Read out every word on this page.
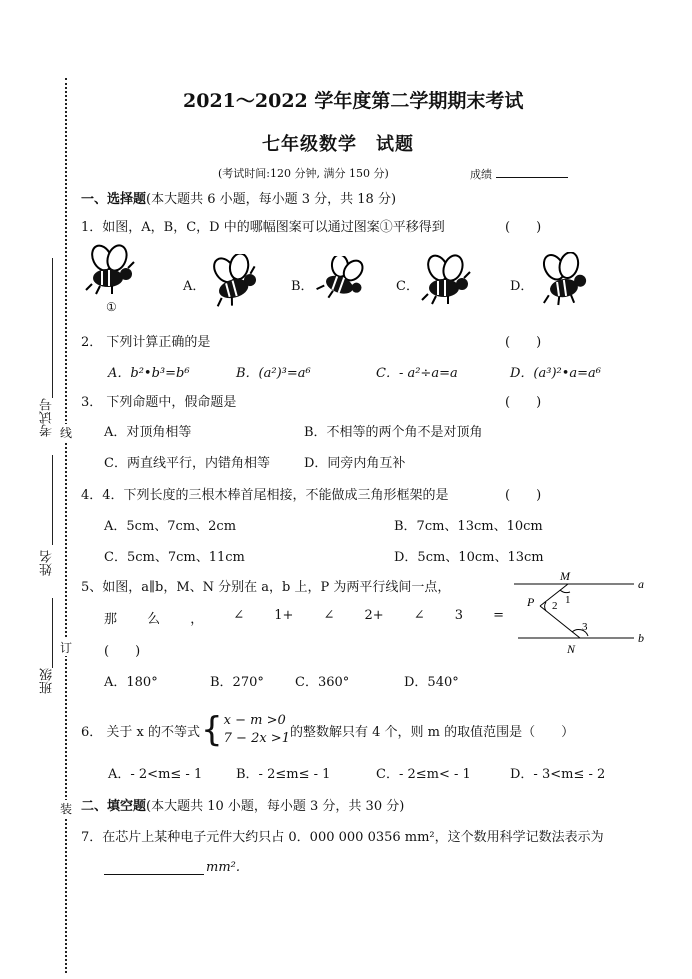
考试号
姓名
班级
线
订
装
2021～2022 学年度第二学期期末考试
七年级数学　试题
(考试时间:120 分钟, 满分 150 分)	成绩
一、选择题(本大题共 6 小题，每小题 3 分，共 18 分)
1．如图，A，B，C，D 中的哪幅图案可以通过图案①平移得到	(　　)
①
A．	B．	C．	D．
2． 下列计算正确的是	(　　)
A．b²•b³=b⁶	B．(a²)³=a⁶	C．- a²÷a=a	D．(a³)²•a=a⁶
3． 下列命题中，假命题是	(　　)
A．对顶角相等	B．不相等的两个角不是对顶角
C．两直线平行，内错角相等	D．同旁内角互补
4．4．下列长度的三根木棒首尾相接，不能做成三角形框架的是	(　　)
A．5cm、7cm、2cm	B．7cm、13cm、10cm
C．5cm、7cm、11cm	D．5cm、10cm、13cm
5、如图，a∥b，M、N 分别在 a，b 上，P 为两平行线间一点，
那 么 ， ∠ 1+ ∠ 2+ ∠ 3 =
(　　)
A．180°	B．270° C．360°	D．540°
M
P
a
b
N
1
2
3
6． 关于 x 的不等式 { x − m >0
7 − 2x >1 的整数解只有 4 个，则 m 的取值范围是（　　）
A．- 2<m≤ - 1	B．- 2≤m≤ - 1	C．- 2≤m< - 1	D．- 3<m≤ - 2
二、填空题(本大题共 10 小题，每小题 3 分，共 30 分)
7．在芯片上某种电子元件大约只占 0．000 000 0356 mm²，这个数用科学记数法表示为
mm².
